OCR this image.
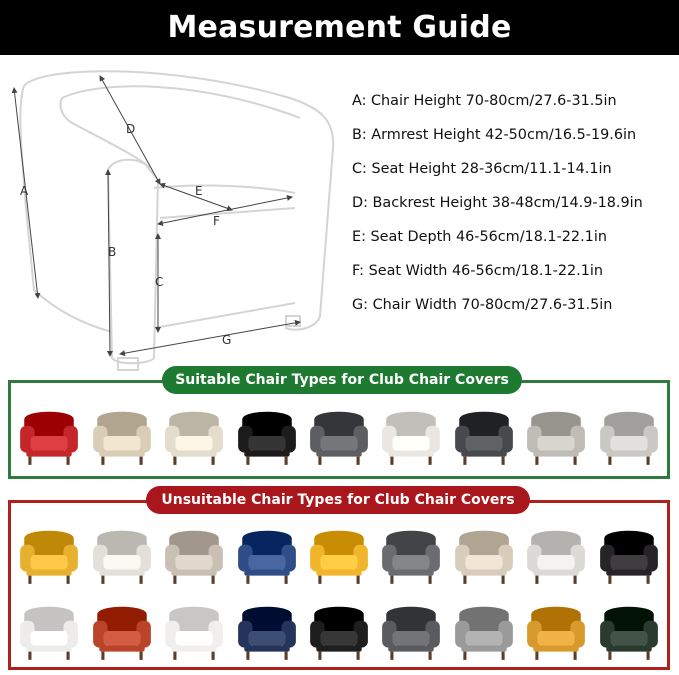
Measurement Guide
A
B
C
D
E
F
G
A: Chair Height 70-80cm/27.6-31.5in
B: Armrest Height 42-50cm/16.5-19.6in
C: Seat Height 28-36cm/11.1-14.1in
D: Backrest Height 38-48cm/14.9-18.9in
E: Seat Depth 46-56cm/18.1-22.1in
F: Seat Width 46-56cm/18.1-22.1in
G: Chair Width 70-80cm/27.6-31.5in
Suitable Chair Types for Club Chair Covers
Unsuitable Chair Types for Club Chair Covers
